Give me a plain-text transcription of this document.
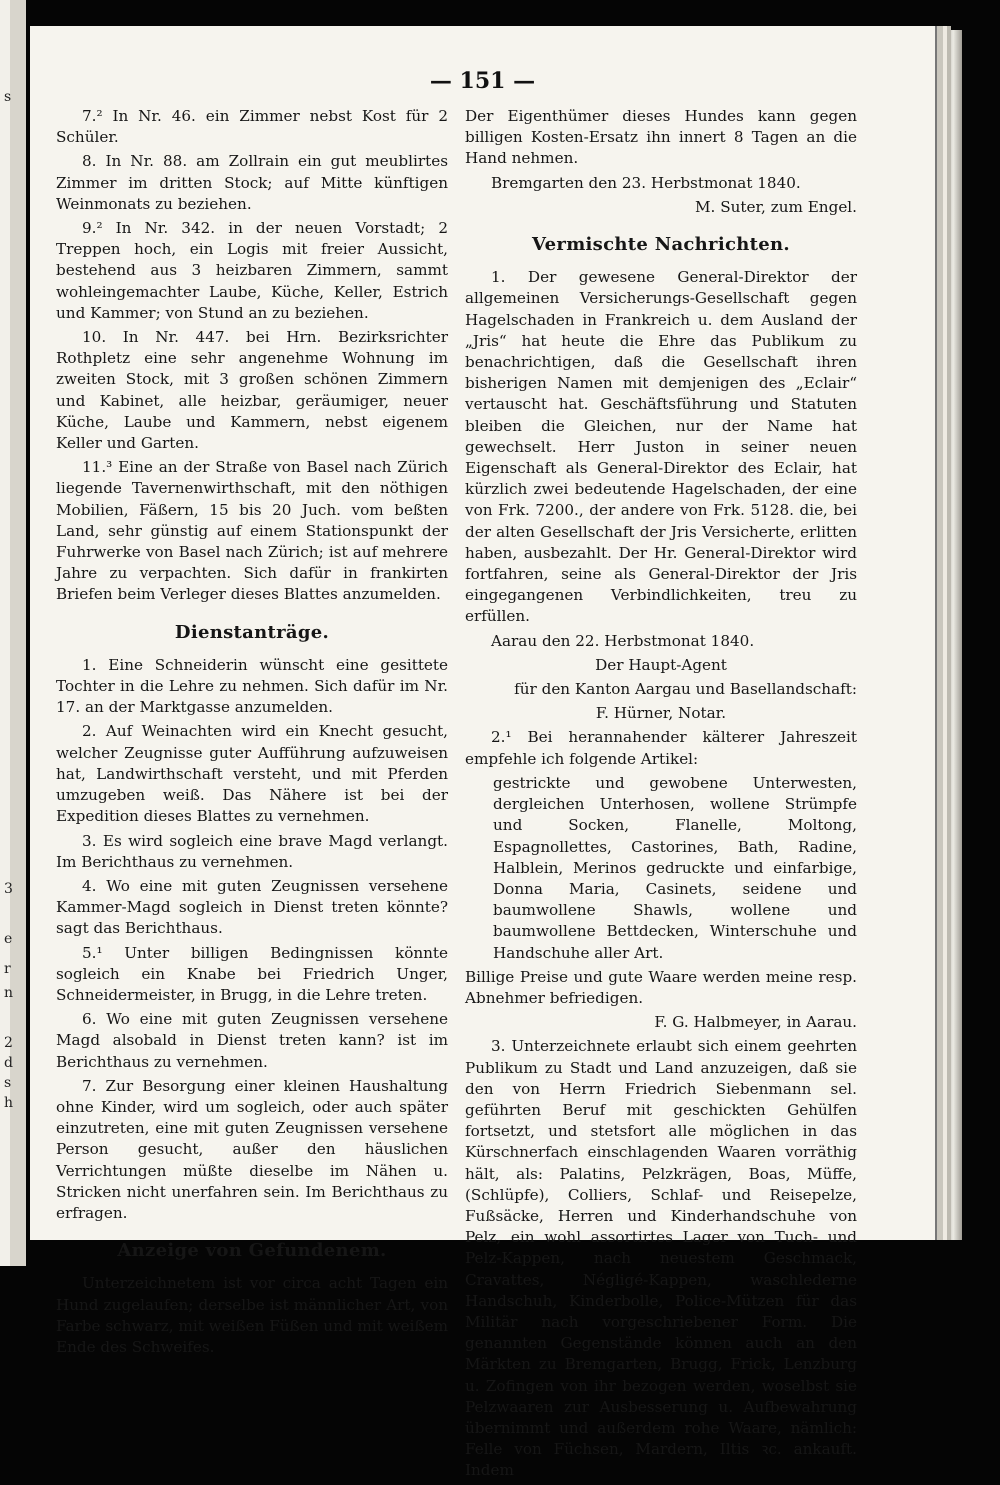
s
3
e
r
n
2
d
s
h
— 151 —

7.² In Nr. 46. ein Zimmer nebst Kost für 2 Schüler.

8. In Nr. 88. am Zollrain ein gut meublirtes Zimmer im dritten Stock; auf Mitte künftigen Weinmonats zu beziehen.

9.² In Nr. 342. in der neuen Vorstadt; 2 Treppen hoch, ein Logis mit freier Aussicht, bestehend aus 3 heizbaren Zimmern, sammt wohleingemachter Laube, Küche, Keller, Estrich und Kammer; von Stund an zu beziehen.

10. In Nr. 447. bei Hrn. Bezirksrichter Rothpletz eine sehr angenehme Wohnung im zweiten Stock, mit 3 großen schönen Zimmern und Kabinet, alle heizbar, geräumiger, neuer Küche, Laube und Kammern, nebst eigenem Keller und Garten.

11.³ Eine an der Straße von Basel nach Zürich liegende Tavernenwirthschaft, mit den nöthigen Mobilien, Fäßern, 15 bis 20 Juch. vom beßten Land, sehr günstig auf einem Stationspunkt der Fuhrwerke von Basel nach Zürich; ist auf mehrere Jahre zu verpachten. Sich dafür in frankirten Briefen beim Verleger dieses Blattes anzumelden.

Dienstanträge.

1. Eine Schneiderin wünscht eine gesittete Tochter in die Lehre zu nehmen. Sich dafür im Nr. 17. an der Marktgasse anzumelden.

2. Auf Weinachten wird ein Knecht gesucht, welcher Zeugnisse guter Aufführung aufzuweisen hat, Landwirthschaft versteht, und mit Pferden umzugeben weiß. Das Nähere ist bei der Expedition dieses Blattes zu vernehmen.

3. Es wird sogleich eine brave Magd verlangt. Im Berichthaus zu vernehmen.

4. Wo eine mit guten Zeugnissen versehene Kammer-Magd sogleich in Dienst treten könnte? sagt das Berichthaus.

5.¹ Unter billigen Bedingnissen könnte sogleich ein Knabe bei Friedrich Unger, Schneidermeister, in Brugg, in die Lehre treten.

6. Wo eine mit guten Zeugnissen versehene Magd alsobald in Dienst treten kann? ist im Berichthaus zu vernehmen.

7. Zur Besorgung einer kleinen Haushaltung ohne Kinder, wird um sogleich, oder auch später einzutreten, eine mit guten Zeugnissen versehene Person gesucht, außer den häuslichen Verrichtungen müßte dieselbe im Nähen u. Stricken nicht unerfahren sein. Im Berichthaus zu erfragen.

Anzeige von Gefundenem.

Unterzeichnetem ist vor circa acht Tagen ein Hund zugelaufen; derselbe ist männlicher Art, von Farbe schwarz, mit weißen Füßen und mit weißem Ende des Schweifes.

Der Eigenthümer dieses Hundes kann gegen billigen Kosten-Ersatz ihn innert 8 Tagen an die Hand nehmen.

Bremgarten den 23. Herbstmonat 1840.

M. Suter, zum Engel.

Vermischte Nachrichten.

1. Der gewesene General-Direktor der allgemeinen Versicherungs-Gesellschaft gegen Hagelschaden in Frankreich u. dem Ausland der „Jris“ hat heute die Ehre das Publikum zu benachrichtigen, daß die Gesellschaft ihren bisherigen Namen mit demjenigen des „Eclair“ vertauscht hat. Geschäftsführung und Statuten bleiben die Gleichen, nur der Name hat gewechselt. Herr Juston in seiner neuen Eigenschaft als General-Direktor des Eclair, hat kürzlich zwei bedeutende Hagelschaden, der eine von Frk. 7200., der andere von Frk. 5128. die, bei der alten Gesellschaft der Jris Versicherte, erlitten haben, ausbezahlt. Der Hr. General-Direktor wird fortfahren, seine als General-Direktor der Jris eingegangenen Verbindlichkeiten, treu zu erfüllen.

Aarau den 22. Herbstmonat 1840.

Der Haupt-Agent

für den Kanton Aargau und Basellandschaft:

F. Hürner, Notar.

2.¹ Bei herannahender kälterer Jahreszeit empfehle ich folgende Artikel:

gestrickte und gewobene Unterwesten, dergleichen Unterhosen, wollene Strümpfe und Socken, Flanelle, Moltong, Espagnollettes, Castorines, Bath, Radine, Halblein, Merinos gedruckte und einfarbige, Donna Maria, Casinets, seidene und baumwollene Shawls, wollene und baumwollene Bettdecken, Winterschuhe und Handschuhe aller Art.

Billige Preise und gute Waare werden meine resp. Abnehmer befriedigen.

F. G. Halbmeyer, in Aarau.

3. Unterzeichnete erlaubt sich einem geehrten Publikum zu Stadt und Land anzuzeigen, daß sie den von Herrn Friedrich Siebenmann sel. geführten Beruf mit geschickten Gehülfen fortsetzt, und stetsfort alle möglichen in das Kürschnerfach einschlagenden Waaren vorräthig hält, als: Palatins, Pelzkrägen, Boas, Müffe, (Schlüpfe), Colliers, Schlaf- und Reisepelze, Fußsäcke, Herren und Kinderhandschuhe von Pelz, ein wohl assortirtes Lager von Tuch- und Pelz-Kappen, nach neuestem Geschmack, Cravattes, Négligé-Kappen, waschlederne Handschuh, Kinderbolle, Police-Mützen für das Militär nach vorgeschriebener Form. Die genannten Gegenstände können auch an den Märkten zu Bremgarten, Brugg, Frick, Lenzburg u. Zofingen von ihr bezogen werden, woselbst sie Pelzwaaren zur Ausbesserung u. Aufbewahrung übernimmt und außerdem rohe Waare, nämlich: Felle von Füchsen, Mardern, Iltis ꝛc. ankauft. Indem
